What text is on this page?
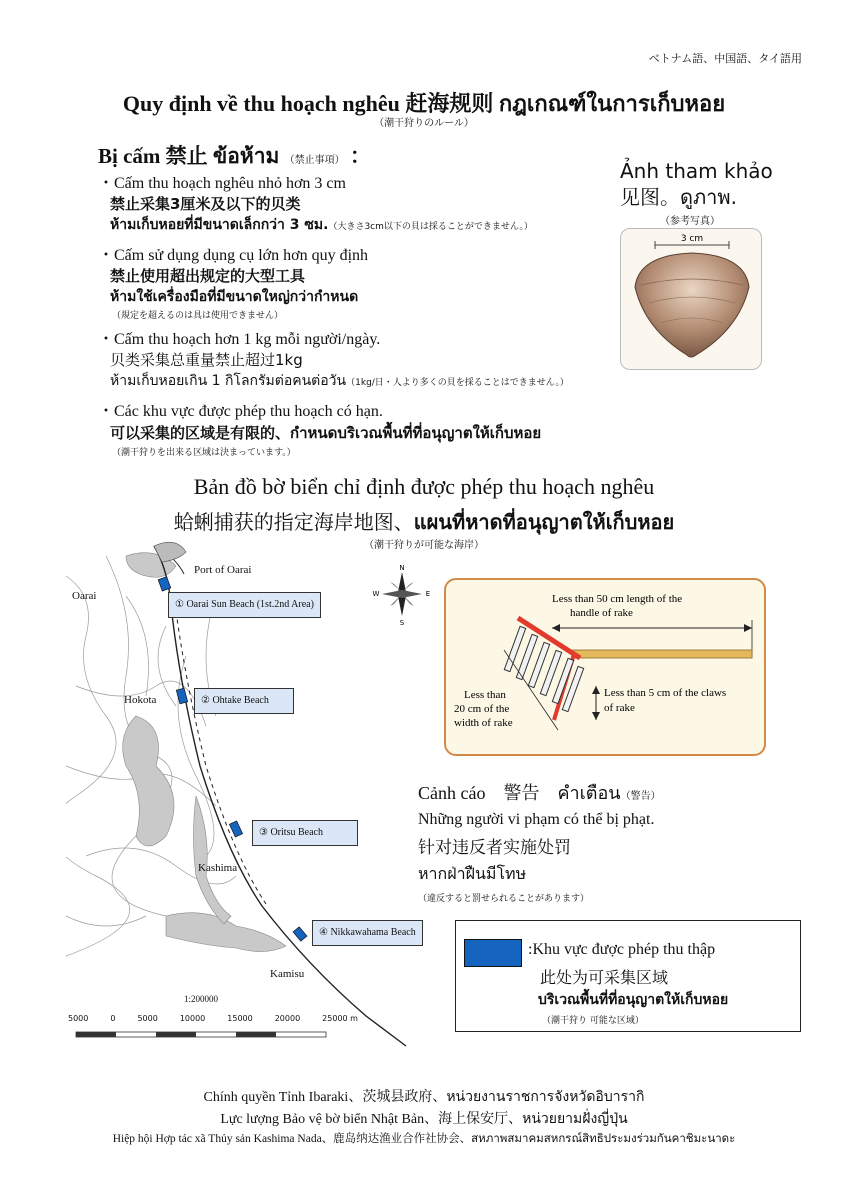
ベトナム語、中国語、タイ語用
Quy định về thu hoạch nghêu 赶海规则 กฎเกณฑ์ในการเก็บหอย
（潮干狩りのルール）
Bị cấm 禁止 ข้อห้าม （禁止事項） ：
・Cấm thu hoạch nghêu nhỏ hơn 3 cm
禁止采集3厘米及以下的贝类
ห้ามเก็บหอยที่มีขนาดเล็กกว่า 3 ซม.（大きさ3cm以下の貝は採ることができません。）
・Cấm sử dụng dụng cụ lớn hơn quy định
禁止使用超出规定的大型工具
ห้ามใช้เครื่องมือที่มีขนาดใหญ่กว่ากำหนด
（規定を超えるのは具は使用できません）
・Cấm thu hoạch hơn 1 kg mỗi người/ngày.
贝类采集总重量禁止超过1kg
ห้ามเก็บหอยเกิน 1 กิโลกรัมต่อคนต่อวัน（1kg/日・人より多くの貝を採ることはできません。）
・Các khu vực được phép thu hoạch có hạn.
可以采集的区域是有限的、กำหนดบริเวณพื้นที่ที่อนุญาตให้เก็บหอย
（潮干狩りを出来る区域は決まっています。）
Ảnh tham khảo
见图。ดูภาพ.
（参考写真）
3 cm
Bản đồ bờ biển chỉ định được phép thu hoạch nghêu
蛤蜊捕获的指定海岸地图、แผนที่หาดที่อนุญาตให้เก็บหอย
（潮干狩りが可能な海岸）
1:200000
5000	0	5000	10000	15000	20000	25000 m
Port of Oarai
Oarai
Hokota
Kashima
Kamisu
① Oarai Sun Beach (1st.2nd Area)
② Ohtake Beach
③ Oritsu Beach
④ Nikkawahama Beach
N
S
W	E	Less than 50 cm length of the
handle of rake
Less than 5 cm of the claws
of rake
Less than
20 cm of the
width of rake
Cảnh cáo　警告　คำเตือน（警告）
Những người vi phạm có thể bị phạt.
针对违反者实施处罚
หากฝ่าฝืนมีโทษ
（違反すると罰せられることがあります）
:Khu vực được phép thu thập
此处为可采集区域
บริเวณพื้นที่ที่อนุญาตให้เก็บหอย
（潮干狩り 可能な区域）
Chính quyền Tỉnh Ibaraki、茨城县政府、หน่วยงานราชการจังหวัดอิบารากิ
Lực lượng Bảo vệ bờ biển Nhật Bản、海上保安厅、หน่วยยามฝั่งญี่ปุ่น
Hiệp hội Hợp tác xã Thủy sản Kashima Nada、鹿岛纳达渔业合作社协会、สหภาพสมาคมสหกรณ์สิทธิประมงร่วมกันคาชิมะนาดะ
